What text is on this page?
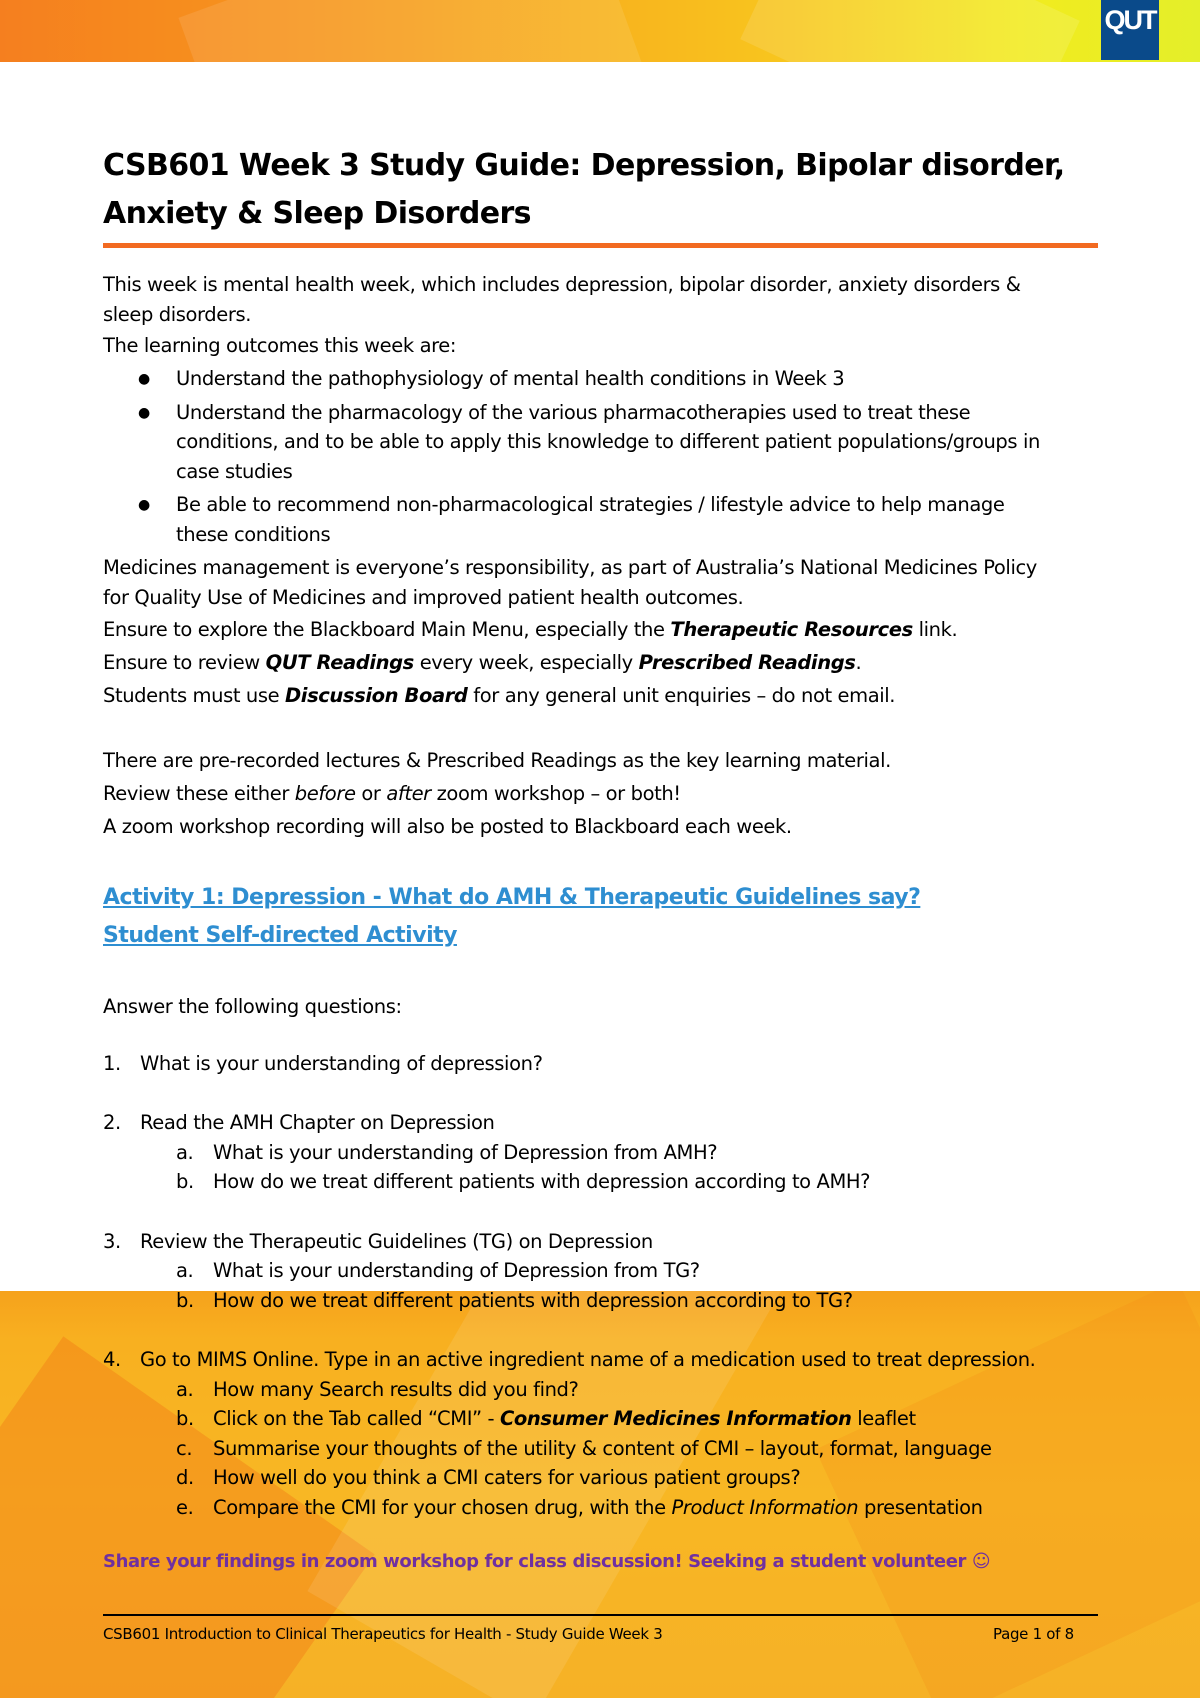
QUT
CSB601 Week 3 Study Guide: Depression, Bipolar disorder, Anxiety & Sleep Disorders
This week is mental health week, which includes depression, bipolar disorder, anxiety disorders &
sleep disorders.
The learning outcomes this week are:
● Understand the pathophysiology of mental health conditions in Week 3
● Understand the pharmacology of the various pharmacotherapies used to treat these
conditions, and to be able to apply this knowledge to different patient populations/groups in
case studies
● Be able to recommend non-pharmacological strategies / lifestyle advice to help manage
these conditions
Medicines management is everyone’s responsibility, as part of Australia’s National Medicines Policy
for Quality Use of Medicines and improved patient health outcomes.
Ensure to explore the Blackboard Main Menu, especially the Therapeutic Resources link.
Ensure to review QUT Readings every week, especially Prescribed Readings.
Students must use Discussion Board for any general unit enquiries – do not email.
There are pre-recorded lectures & Prescribed Readings as the key learning material.
Review these either before or after zoom workshop – or both!
A zoom workshop recording will also be posted to Blackboard each week.
Activity 1: Depression - What do AMH & Therapeutic Guidelines say?
Student Self-directed Activity
Answer the following questions:
1. What is your understanding of depression?
2. Read the AMH Chapter on Depression
a. What is your understanding of Depression from AMH?
b. How do we treat different patients with depression according to AMH?
3. Review the Therapeutic Guidelines (TG) on Depression
a. What is your understanding of Depression from TG?
b. How do we treat different patients with depression according to TG?
4. Go to MIMS Online. Type in an active ingredient name of a medication used to treat depression.
a. How many Search results did you find?
b. Click on the Tab called “CMI” - Consumer Medicines Information leaflet
c. Summarise your thoughts of the utility & content of CMI – layout, format, language
d. How well do you think a CMI caters for various patient groups?
e. Compare the CMI for your chosen drug, with the Product Information presentation
Share your findings in zoom workshop for class discussion! Seeking a student volunteer ☺
CSB601 Introduction to Clinical Therapeutics for Health - Study Guide Week 3	Page 1 of 8
